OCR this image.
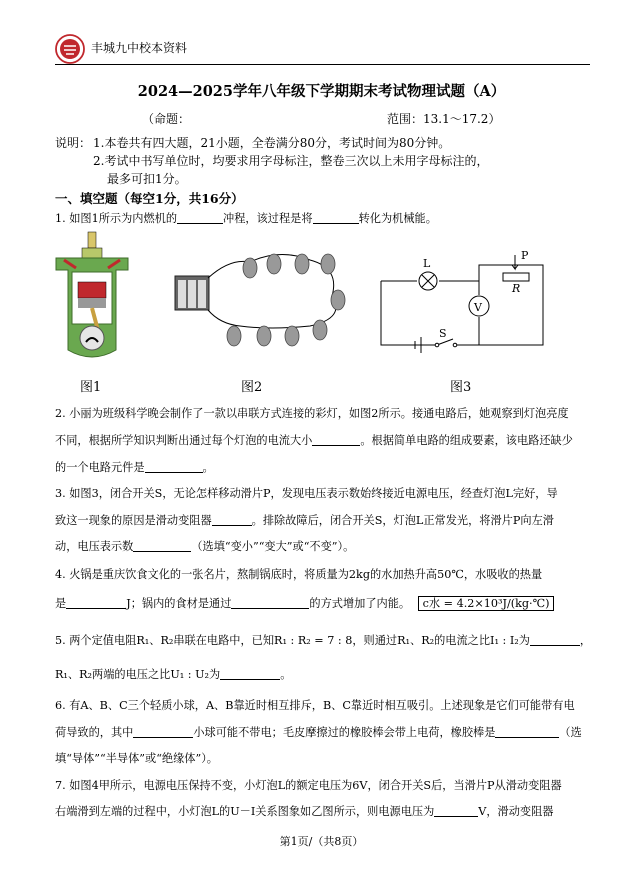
丰城九中校本资料
2024—2025学年八年级下学期期末考试物理试题（A）
（命题：	范围：13.1～17.2）
说明： 1.本卷共有四大题，21小题，全卷满分80分，考试时间为80分钟。
2.考试中书写单位时，均要求用字母标注，整卷三次以上未用字母标注的，
最多可扣1分。
一、填空题（每空1分，共16分）
1. 如图1所示为内燃机的	冲程，该过程是将	转化为机械能。
L
P
R
V
S
图1	图2	图3
2. 小丽为班级科学晚会制作了一款以串联方式连接的彩灯，如图2所示。接通电路后，她观察到灯泡亮度
不同，根据所学知识判断出通过每个灯泡的电流大小	。根据简单电路的组成要素，该电路还缺少
的一个电路元件是	。
3. 如图3，闭合开关S，无论怎样移动滑片P，发现电压表示数始终接近电源电压，经查灯泡L完好，导
致这一现象的原因是滑动变阻器	。排除故障后，闭合开关S，灯泡L正常发光，将滑片P向左滑
动，电压表示数	（选填“变小”“变大”或“不变”）。
4. 火锅是重庆饮食文化的一张名片，熬制锅底时，将质量为2kg的水加热升高50℃，水吸收的热量
是	J；锅内的食材是通过	的方式增加了内能。 c水 = 4.2×10³J/(kg·℃)
5. 两个定值电阻R₁、R₂串联在电路中，已知R₁ : R₂ = 7 : 8，则通过R₁、R₂的电流之比I₁ : I₂为	，
R₁、R₂两端的电压之比U₁ : U₂为	。
6. 有A、B、C三个轻质小球，A、B靠近时相互排斥，B、C靠近时相互吸引。上述现象是它们可能带有电
荷导致的，其中	小球可能不带电；毛皮摩擦过的橡胶棒会带上电荷，橡胶棒是	（选
填“导体”“半导体”或“绝缘体”）。
7. 如图4甲所示，电源电压保持不变，小灯泡L的额定电压为6V，闭合开关S后，当滑片P从滑动变阻器
右端滑到左端的过程中，小灯泡L的U－I关系图象如乙图所示，则电源电压为	V，滑动变阻器
第1页/（共8页）
